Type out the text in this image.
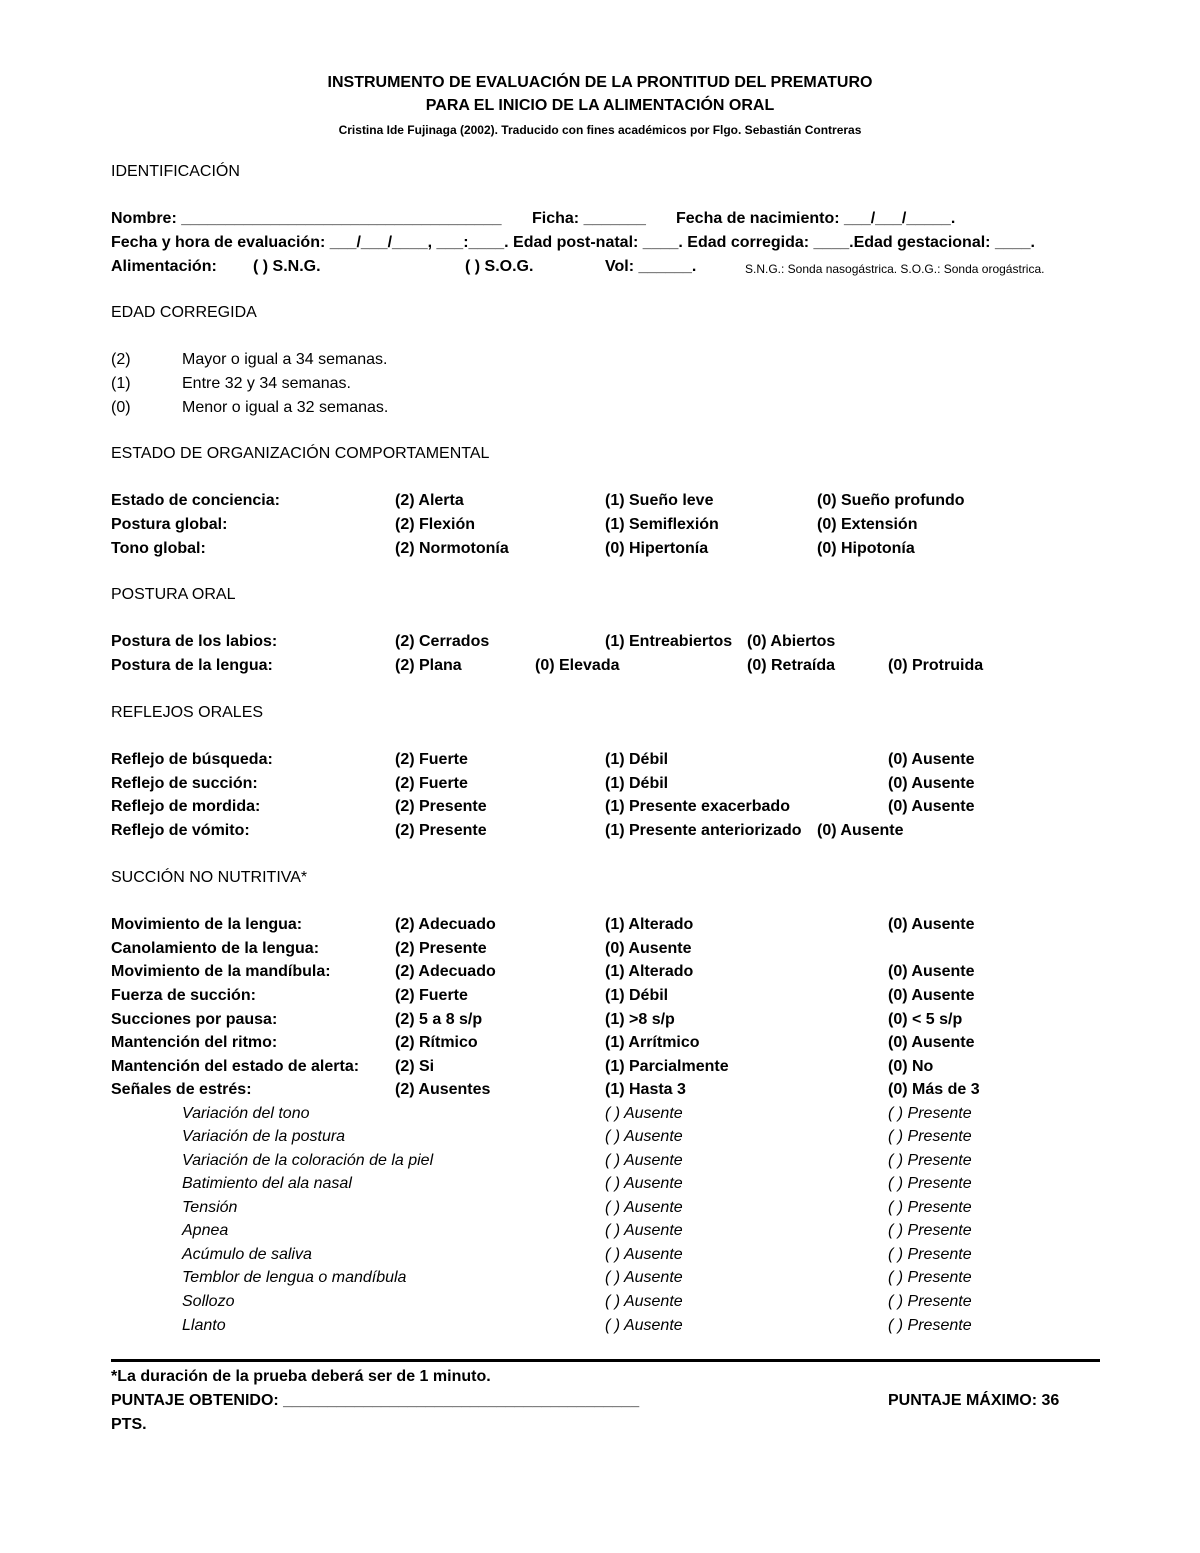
INSTRUMENTO DE EVALUACIÓN DE LA PRONTITUD DEL PREMATURO
PARA EL INICIO DE LA ALIMENTACIÓN ORAL
Cristina Ide Fujinaga (2002). Traducido con fines académicos por Flgo. Sebastián Contreras
IDENTIFICACIÓN
Nombre: ____________________________________ Ficha: _______ Fecha de nacimiento: ___/___/_____.
Fecha y hora de evaluación: ___/___/____, ___:____. Edad post-natal: ____. Edad corregida: ____.Edad gestacional: ____.
Alimentación: ( ) S.N.G.	( ) S.O.G.	Vol: ______.	S.N.G.: Sonda nasogástrica. S.O.G.: Sonda orogástrica.
EDAD CORREGIDA
(2)	Mayor o igual a 34 semanas.
(1)	Entre 32 y 34 semanas.
(0)	Menor o igual a 32 semanas.
ESTADO DE ORGANIZACIÓN COMPORTAMENTAL
Estado de conciencia:	(2) Alerta	(1) Sueño leve	(0) Sueño profundo
Postura global:	(2) Flexión	(1) Semiflexión	(0) Extensión
Tono global:	(2) Normotonía	(0) Hipertonía	(0) Hipotonía
POSTURA ORAL
Postura de los labios:	(2) Cerrados	(1) Entreabiertos (0) Abiertos
Postura de la lengua:	(2) Plana	(0) Elevada	(0) Retraída	(0) Protruida
REFLEJOS ORALES
Reflejo de búsqueda:	(2) Fuerte	(1) Débil	(0) Ausente
Reflejo de succión:	(2) Fuerte	(1) Débil	(0) Ausente
Reflejo de mordida:	(2) Presente	(1) Presente exacerbado	(0) Ausente
Reflejo de vómito:	(2) Presente	(1) Presente anteriorizado (0) Ausente
SUCCIÓN NO NUTRITIVA*
Movimiento de la lengua:	(2) Adecuado	(1) Alterado	(0) Ausente
Canolamiento de la lengua:	(2) Presente	(0) Ausente
Movimiento de la mandíbula:	(2) Adecuado	(1) Alterado	(0) Ausente
Fuerza de succión:	(2) Fuerte	(1) Débil	(0) Ausente
Succiones por pausa:	(2) 5 a 8 s/p	(1) >8 s/p	(0) < 5 s/p
Mantención del ritmo:	(2) Rítmico	(1) Arrítmico	(0) Ausente
Mantención del estado de alerta: (2) Si	(1) Parcialmente	(0) No
Señales de estrés:	(2) Ausentes	(1) Hasta 3	(0) Más de 3
Variación del tono	( ) Ausente	( ) Presente
Variación de la postura	( ) Ausente	( ) Presente
Variación de la coloración de la piel	( ) Ausente	( ) Presente
Batimiento del ala nasal	( ) Ausente	( ) Presente
Tensión	( ) Ausente	( ) Presente
Apnea	( ) Ausente	( ) Presente
Acúmulo de saliva	( ) Ausente	( ) Presente
Temblor de lengua o mandíbula	( ) Ausente	( ) Presente
Sollozo	( ) Ausente	( ) Presente
Llanto	( ) Ausente	( ) Presente
*La duración de la prueba deberá ser de 1 minuto.
PUNTAJE OBTENIDO: ________________________________________	PUNTAJE MÁXIMO: 36
PTS.
